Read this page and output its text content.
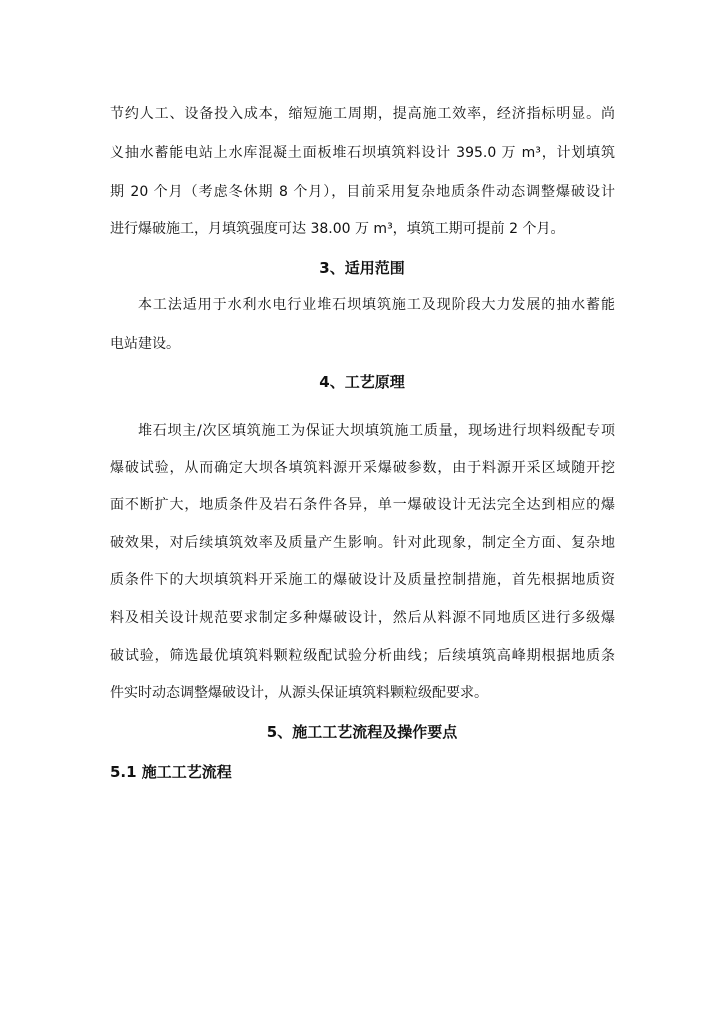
节约人工、设备投入成本，缩短施工周期，提高施工效率，经济指标明显。尚
义抽水蓄能电站上水库混凝土面板堆石坝填筑料设计 395.0 万 m³，计划填筑
期 20 个月（考虑冬休期 8 个月），目前采用复杂地质条件动态调整爆破设计
进行爆破施工，月填筑强度可达 38.00 万 m³，填筑工期可提前 2 个月。
3、适用范围
本工法适用于水利水电行业堆石坝填筑施工及现阶段大力发展的抽水蓄能
电站建设。
4、工艺原理
堆石坝主/次区填筑施工为保证大坝填筑施工质量，现场进行坝料级配专项
爆破试验，从而确定大坝各填筑料源开采爆破参数，由于料源开采区域随开挖
面不断扩大，地质条件及岩石条件各异，单一爆破设计无法完全达到相应的爆
破效果，对后续填筑效率及质量产生影响。针对此现象，制定全方面、复杂地
质条件下的大坝填筑料开采施工的爆破设计及质量控制措施，首先根据地质资
料及相关设计规范要求制定多种爆破设计，然后从料源不同地质区进行多级爆
破试验，筛选最优填筑料颗粒级配试验分析曲线；后续填筑高峰期根据地质条
件实时动态调整爆破设计，从源头保证填筑料颗粒级配要求。
5、施工工艺流程及操作要点
5.1 施工工艺流程
